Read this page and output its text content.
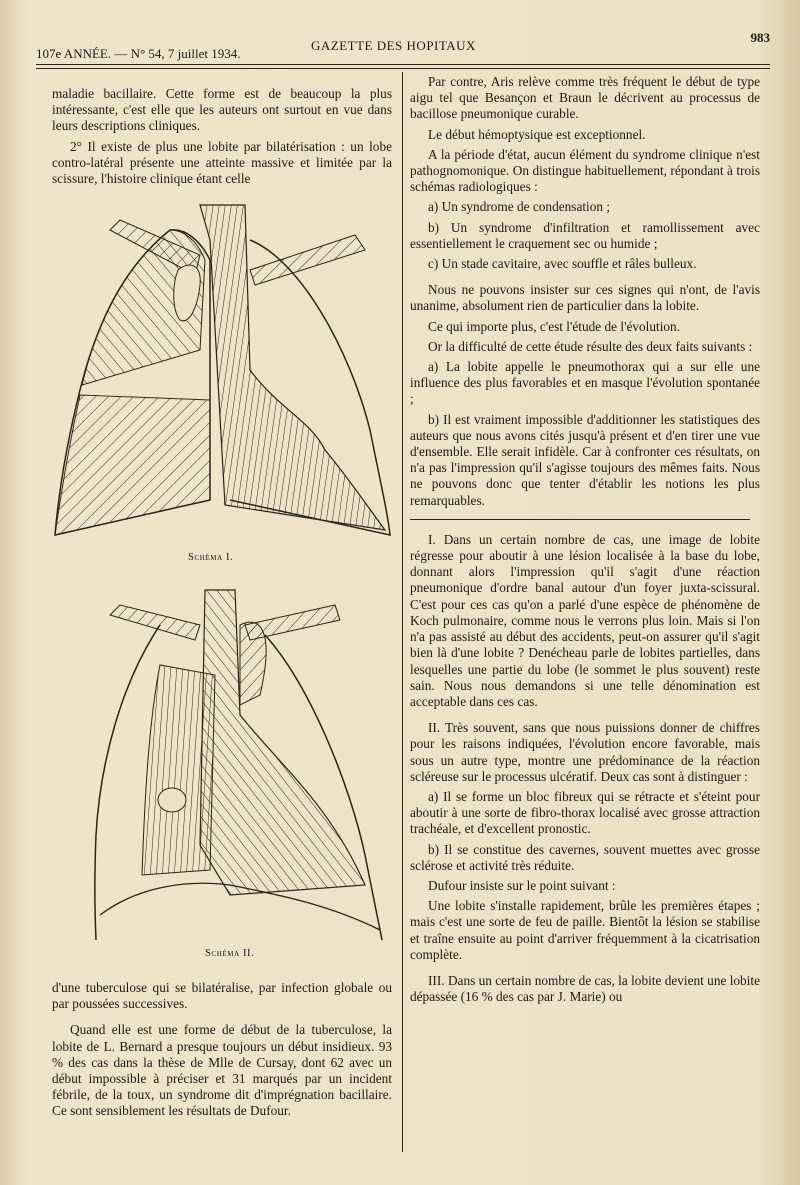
107e ANNÉE. — N° 54, 7 juillet 1934.
GAZETTE DES HOPITAUX
983

maladie bacillaire. Cette forme est de beaucoup la plus intéressante, c'est elle que les auteurs ont surtout en vue dans leurs descriptions cliniques.

2° Il existe de plus une lobite par bilatérisation : un lobe contro-latéral présente une atteinte massive et limitée par la scissure, l'histoire clinique étant celle

Schéma I.
Schéma II.

d'une tuberculose qui se bilatéralise, par infection globale ou par poussées successives.

Quand elle est une forme de début de la tuberculose, la lobite de L. Bernard a presque toujours un début insidieux. 93 % des cas dans la thèse de Mlle de Cursay, dont 62 avec un début impossible à préciser et 31 marqués par un incident fébrile, de la toux, un syndrome dit d'imprégnation bacillaire. Ce sont sensiblement les résultats de Dufour.

Par contre, Aris relève comme très fréquent le début de type aigu tel que Besançon et Braun le décrivent au processus de bacillose pneumonique curable.

Le début hémoptysique est exceptionnel.

A la période d'état, aucun élément du syndrome clinique n'est pathognomonique. On distingue habituellement, répondant à trois schémas radiologiques :

a) Un syndrome de condensation ;

b) Un syndrome d'infiltration et ramollissement avec essentiellement le craquement sec ou humide ;

c) Un stade cavitaire, avec souffle et râles bulleux.

Nous ne pouvons insister sur ces signes qui n'ont, de l'avis unanime, absolument rien de particulier dans la lobite.

Ce qui importe plus, c'est l'étude de l'évolution.

Or la difficulté de cette étude résulte des deux faits suivants :

a) La lobite appelle le pneumothorax qui a sur elle une influence des plus favorables et en masque l'évolution spontanée ;

b) Il est vraiment impossible d'additionner les statistiques des auteurs que nous avons cités jusqu'à présent et d'en tirer une vue d'ensemble. Elle serait infidèle. Car à confronter ces résultats, on n'a pas l'impression qu'il s'agisse toujours des mêmes faits. Nous ne pouvons donc que tenter d'établir les notions les plus remarquables.

I. Dans un certain nombre de cas, une image de lobite régresse pour aboutir à une lésion localisée à la base du lobe, donnant alors l'impression qu'il s'agit d'une réaction pneumonique d'ordre banal autour d'un foyer juxta-scissural. C'est pour ces cas qu'on a parlé d'une espèce de phénomène de Koch pulmonaire, comme nous le verrons plus loin. Mais si l'on n'a pas assisté au début des accidents, peut-on assurer qu'il s'agit bien là d'une lobite ? Denécheau parle de lobites partielles, dans lesquelles une partie du lobe (le sommet le plus souvent) reste sain. Nous nous demandons si une telle dénomination est acceptable dans ces cas.

II. Très souvent, sans que nous puissions donner de chiffres pour les raisons indiquées, l'évolution encore favorable, mais sous un autre type, montre une prédominance de la réaction scléreuse sur le processus ulcératif. Deux cas sont à distinguer :

a) Il se forme un bloc fibreux qui se rétracte et s'éteint pour aboutir à une sorte de fibro-thorax localisé avec grosse attraction trachéale, et d'excellent pronostic.

b) Il se constitue des cavernes, souvent muettes avec grosse sclérose et activité très réduite.

Dufour insiste sur le point suivant :

Une lobite s'installe rapidement, brûle les premières étapes ; mais c'est une sorte de feu de paille. Bientôt la lésion se stabilise et traîne ensuite au point d'arriver fréquemment à la cicatrisation complète.

III. Dans un certain nombre de cas, la lobite devient une lobite dépassée (16 % des cas par J. Marie) ou
